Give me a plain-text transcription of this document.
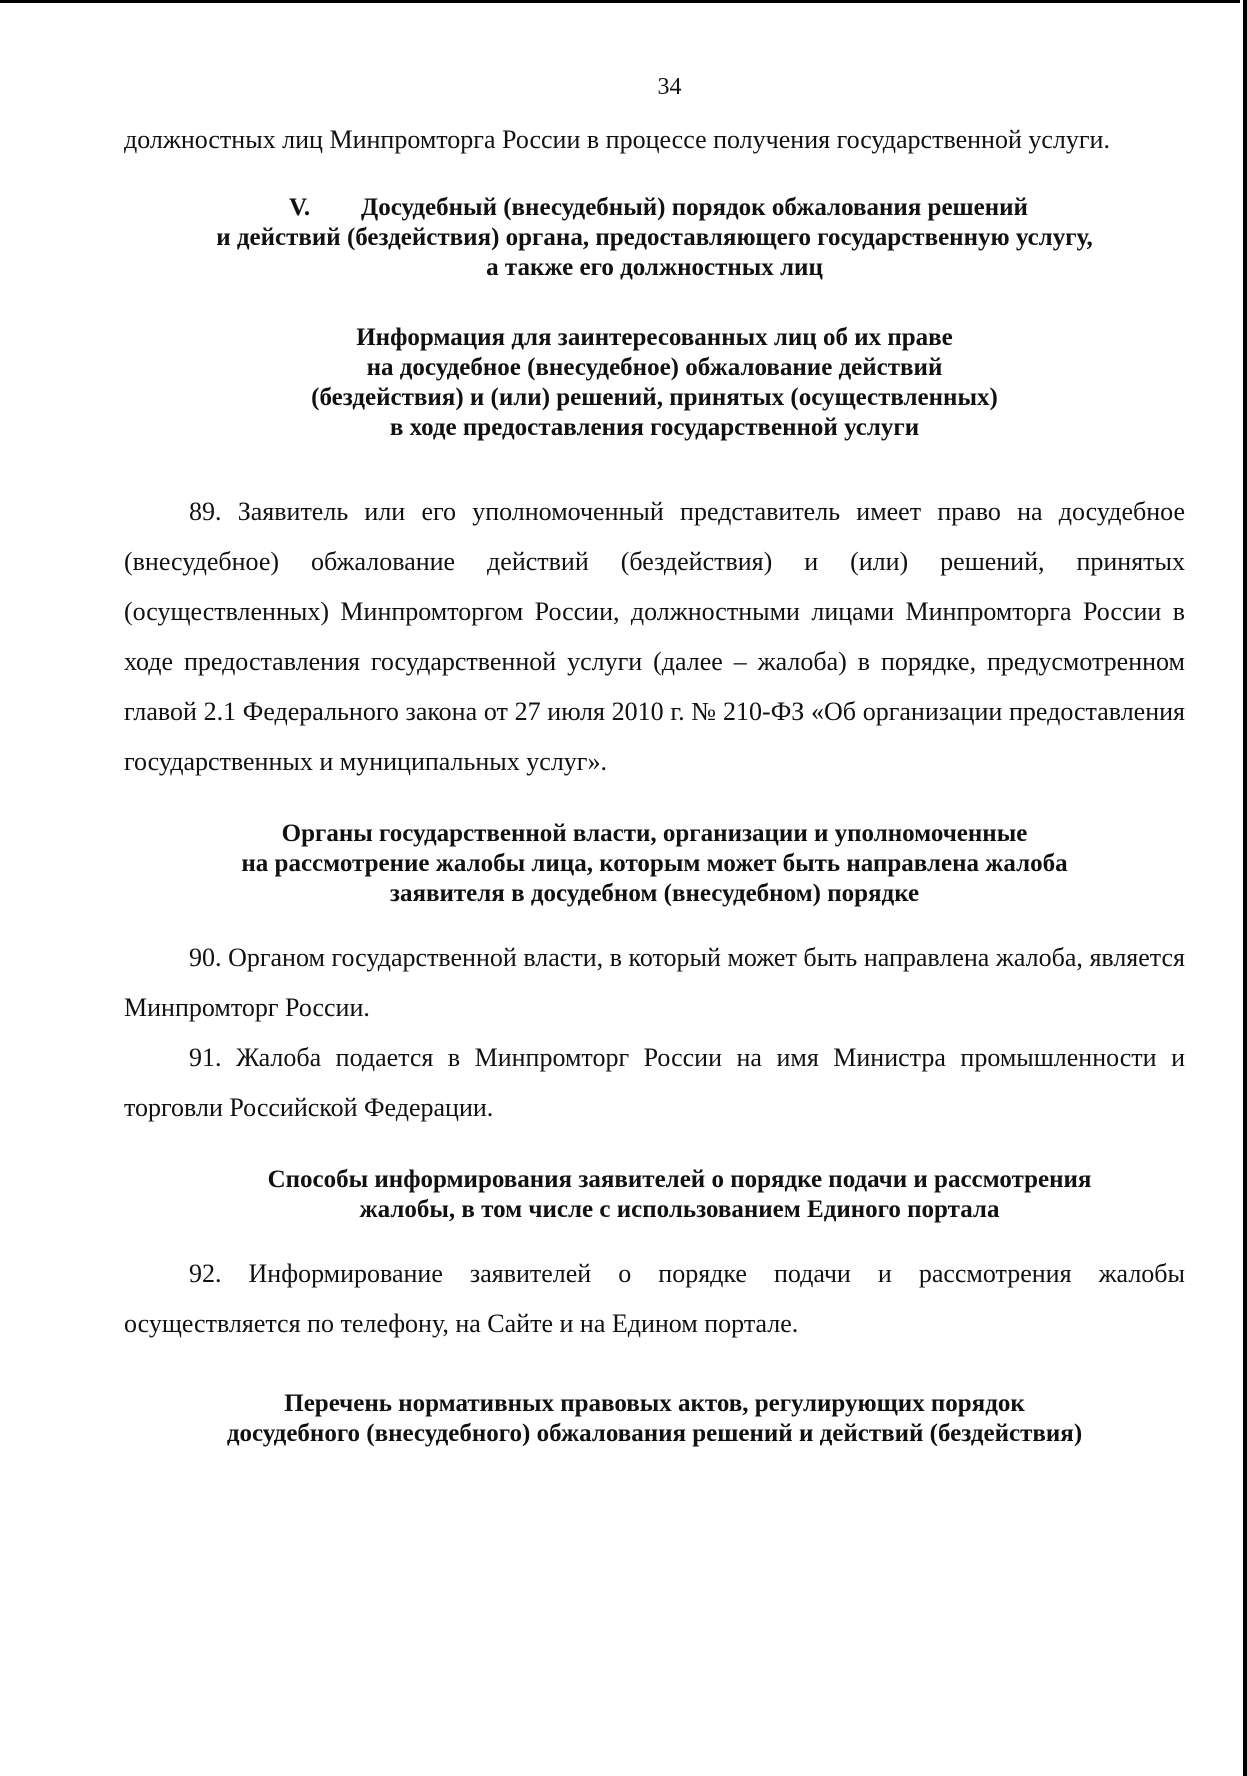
34

должностных лиц Минпромторга России в процессе получения государственной услуги.

V. Досудебный (внесудебный) порядок обжалования решений
и действий (бездействия) органа, предоставляющего государственную услугу,
а также его должностных лиц
Информация для заинтересованных лиц об их праве
на досудебное (внесудебное) обжалование действий
(бездействия) и (или) решений, принятых (осуществленных)
в ходе предоставления государственной услуги

89. Заявитель или его уполномоченный представитель имеет право на досудебное (внесудебное) обжалование действий (бездействия) и (или) решений, принятых (осуществленных) Минпромторгом России, должностными лицами Минпромторга России в ходе предоставления государственной услуги (далее – жалоба) в порядке, предусмотренном главой 2.1 Федерального закона от 27 июля 2010 г. № 210-ФЗ «Об организации предоставления государственных и муниципальных услуг».

Органы государственной власти, организации и уполномоченные
на рассмотрение жалобы лица, которым может быть направлена жалоба
заявителя в досудебном (внесудебном) порядке

90. Органом государственной власти, в который может быть направлена жалоба, является Минпромторг России.

91. Жалоба подается в Минпромторг России на имя Министра промышленности и торговли Российской Федерации.

Способы информирования заявителей о порядке подачи и рассмотрения
жалобы, в том числе с использованием Единого портала

92. Информирование заявителей о порядке подачи и рассмотрения жалобы осуществляется по телефону, на Сайте и на Едином портале.

Перечень нормативных правовых актов, регулирующих порядок
досудебного (внесудебного) обжалования решений и действий (бездействия)
